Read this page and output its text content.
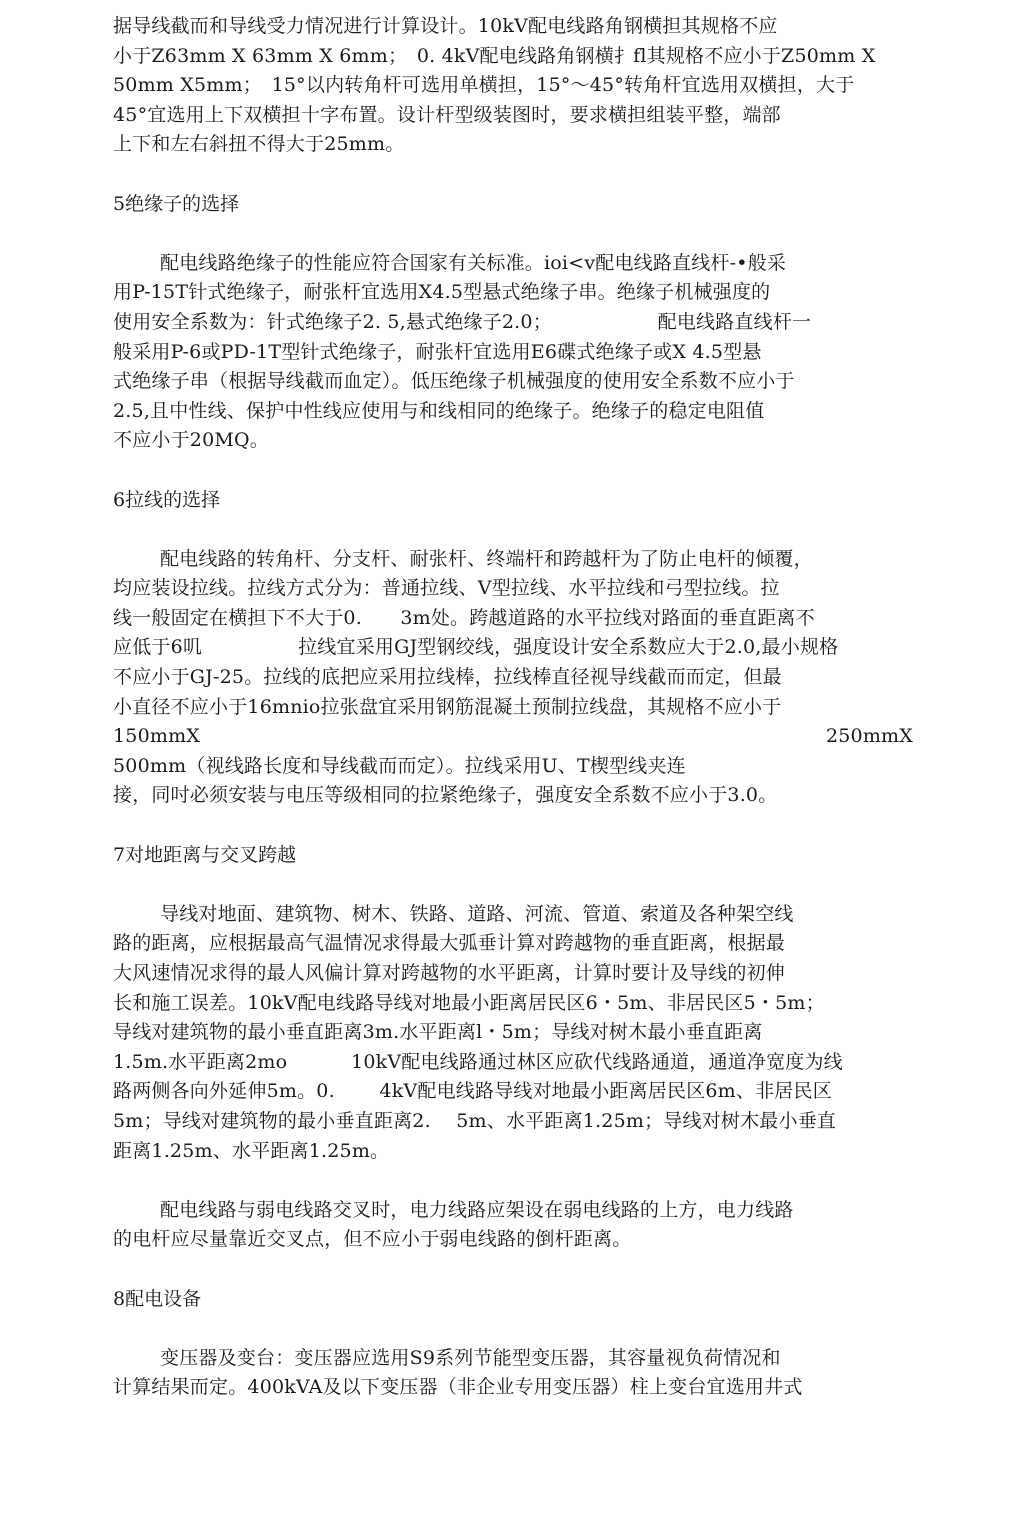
据导线截而和导线受力情况进行计算设计。10kV配电线路角钢横担其规格不应
小于Z63mm X 63mm X 6mm；　0. 4kV配电线路角钢横扌fl其规格不应小于Z50mm X
50mm X5mm；　15°以内转角杆可选用单横担，15°～45°转角杆宜选用双横担，大于
45°宜选用上下双横担十字布置。设计杆型级装图时，要求横担组装平整，端部
上下和左右斜扭不得大于25mm。
5绝缘子的选择
配电线路绝缘子的性能应符合国家有关标准。ioi<v配电线路直线杆-•般采
用P-15T针式绝缘子，耐张杆宜选用X4.5型悬式绝缘子串。绝缘子机械强度的
使用安全系数为：针式绝缘子2. 5,悬式绝缘子2.0；　　　　　　配电线路直线杆一
般采用P-6或PD-1T型针式绝缘子，耐张杆宜选用E6碟式绝缘子或X 4.5型悬
式绝缘子串（根据导线截而血定）。低压绝缘子机械强度的使用安全系数不应小于
2.5,且中性线、保护中性线应使用与和线相同的绝缘子。绝缘子的稳定电阻值
不应小于20MQ。
6拉线的选择
配电线路的转角杆、分支杆、耐张杆、终端杆和跨越杆为了防止电杆的倾覆，
均应装设拉线。拉线方式分为：普通拉线、V型拉线、水平拉线和弓型拉线。拉
线一般固定在横担下不大于0.　　3m处。跨越道路的水平拉线对路面的垂直距离不
应低于6叽　　　　　拉线宜采用GJ型钢绞线，强度设计安全系数应大于2.0,最小规格
不应小于GJ-25。拉线的底把应采用拉线棒，拉线棒直径视导线截而而定，但最
小直径不应小于16mnio拉张盘宜采用钢筋混凝土预制拉线盘，其规格不应小于
150mmX	250mmX
500mm（视线路长度和导线截而而定）。拉线采用U、T楔型线夹连
接，同吋必须安装与电压等级相同的拉紧绝缘子，强度安全系数不应小于3.0。
7对地距离与交叉跨越
导线对地面、建筑物、树木、铁路、道路、河流、管道、索道及各种架空线
路的距离，应根据最高气温情况求得最大弧垂计算对跨越物的垂直距离，根据最
大风速情况求得的最人风偏计算对跨越物的水平距离，计算时要计及导线的初伸
长和施工误差。10kV配电线路导线对地最小距离居民区6・5m、非居民区5・5m；
导线对建筑物的最小垂直距离3m.水平距离l・5m；导线对树木最小垂直距离
1.5m.水平距离2mo　　　 10kV配电线路通过林区应砍代线路通道，通道净宽度为线
路两侧各向外延伸5m。0.　　 4kV配电线路导线对地最小距离居民区6m、非居民区
5m；导线对建筑物的最小垂直距离2.　 5m、水平距离1.25m；导线对树木最小垂直
距离1.25m、水平距离1.25m。
配电线路与弱电线路交叉时，电力线路应架设在弱电线路的上方，电力线路
的电杆应尽量靠近交叉点，但不应小于弱电线路的倒杆距离。
8配电设备
变压器及变台：变压器应选用S9系列节能型变压器，其容量视负荷情况和
计算结果而定。400kVA及以下变压器（非企业专用变压器）柱上变台宜选用井式
